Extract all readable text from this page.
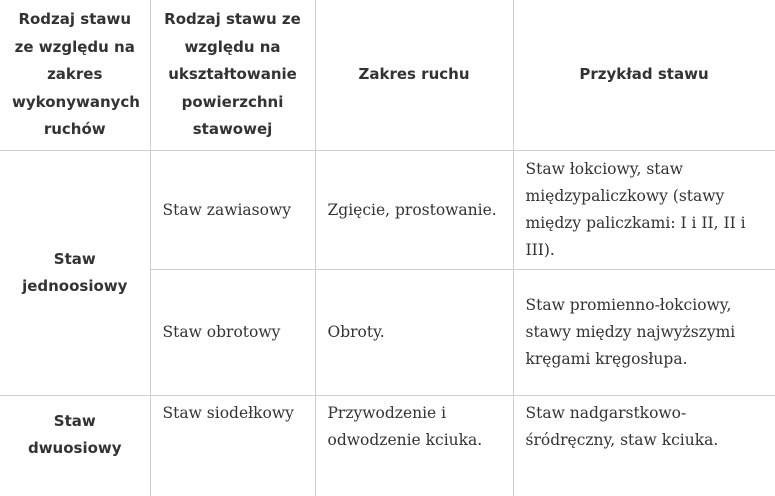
Rodzaj stawu ze względu na zakres wykonywanych ruchów	Rodzaj stawu ze względu na ukształtowanie powierzchni stawowej	Zakres ruchu	Przykład stawu
Staw jednoosiowy	Staw zawiasowy	Zgięcie, prostowanie.	Staw łokciowy, staw międzypaliczkowy (stawy między paliczkami: I i II, II i III).
	Staw obrotowy	Obroty.	Staw promienno-łokciowy, stawy między najwyższymi kręgami kręgosłupa.
Staw dwuosiowy	Staw siodełkowy	Przywodzenie i odwodzenie kciuka.	Staw nadgarstkowo-śródręczny, staw kciuka.
